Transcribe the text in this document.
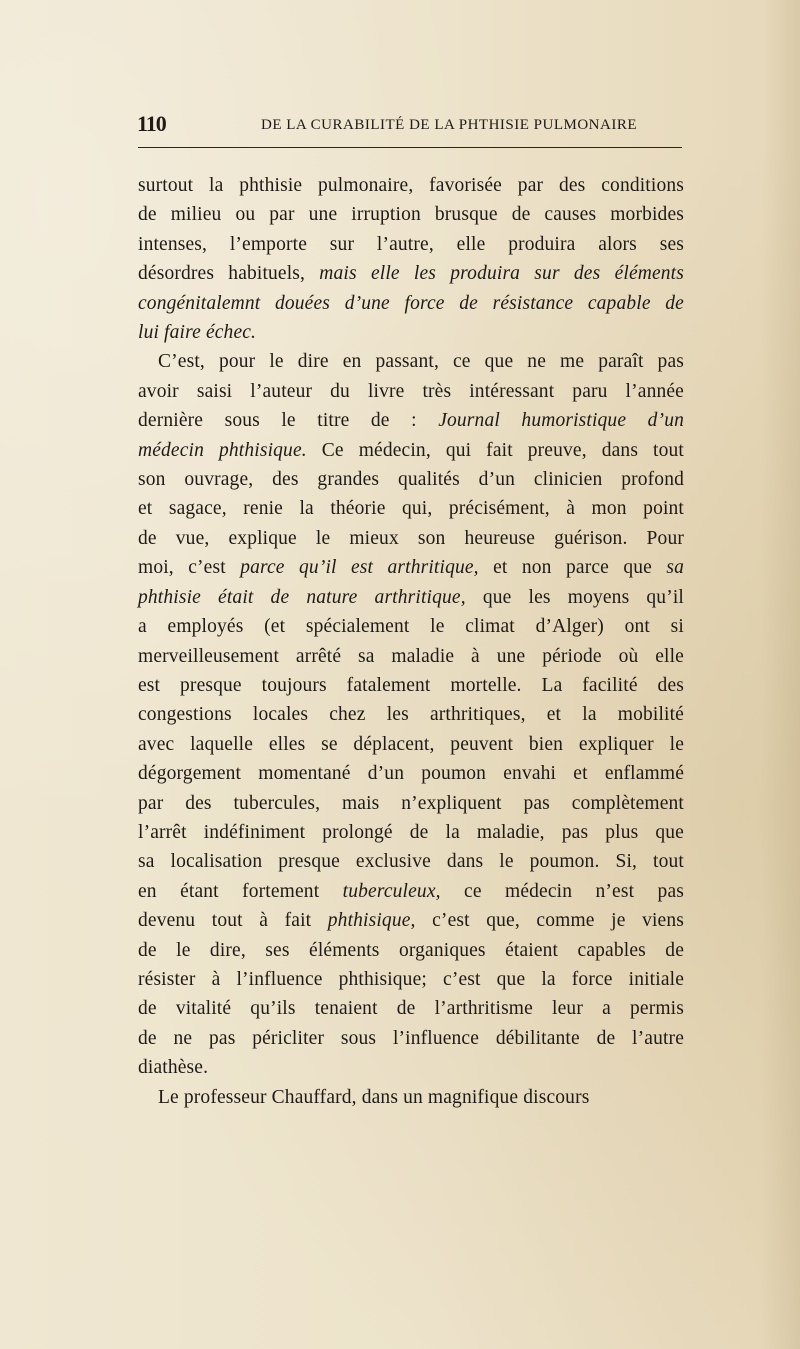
110	DE LA CURABILITÉ DE LA PHTHISIE PULMONAIRE
surtout la phthisie pulmonaire, favorisée par des conditions
de milieu ou par une irruption brusque de causes morbides
intenses, l’emporte sur l’autre, elle produira alors ses
désordres habituels, mais elle les produira sur des éléments
congénitalemnt douées d’une force de résistance capable de
lui faire échec.
C’est, pour le dire en passant, ce que ne me paraît pas
avoir saisi l’auteur du livre très intéressant paru l’année
dernière sous le titre de : Journal humoristique d’un
médecin phthisique. Ce médecin, qui fait preuve, dans tout
son ouvrage, des grandes qualités d’un clinicien profond
et sagace, renie la théorie qui, précisément, à mon point
de vue, explique le mieux son heureuse guérison. Pour
moi, c’est parce qu’il est arthritique, et non parce que sa
phthisie était de nature arthritique, que les moyens qu’il
a employés (et spécialement le climat d’Alger) ont si
merveilleusement arrêté sa maladie à une période où elle
est presque toujours fatalement mortelle. La facilité des
congestions locales chez les arthritiques, et la mobilité
avec laquelle elles se déplacent, peuvent bien expliquer le
dégorgement momentané d’un poumon envahi et enflammé
par des tubercules, mais n’expliquent pas complètement
l’arrêt indéfiniment prolongé de la maladie, pas plus que
sa localisation presque exclusive dans le poumon. Si, tout
en étant fortement tuberculeux, ce médecin n’est pas
devenu tout à fait phthisique, c’est que, comme je viens
de le dire, ses éléments organiques étaient capables de
résister à l’influence phthisique; c’est que la force initiale
de vitalité qu’ils tenaient de l’arthritisme leur a permis
de ne pas péricliter sous l’influence débilitante de l’autre
diathèse.
Le professeur Chauffard, dans un magnifique discours
